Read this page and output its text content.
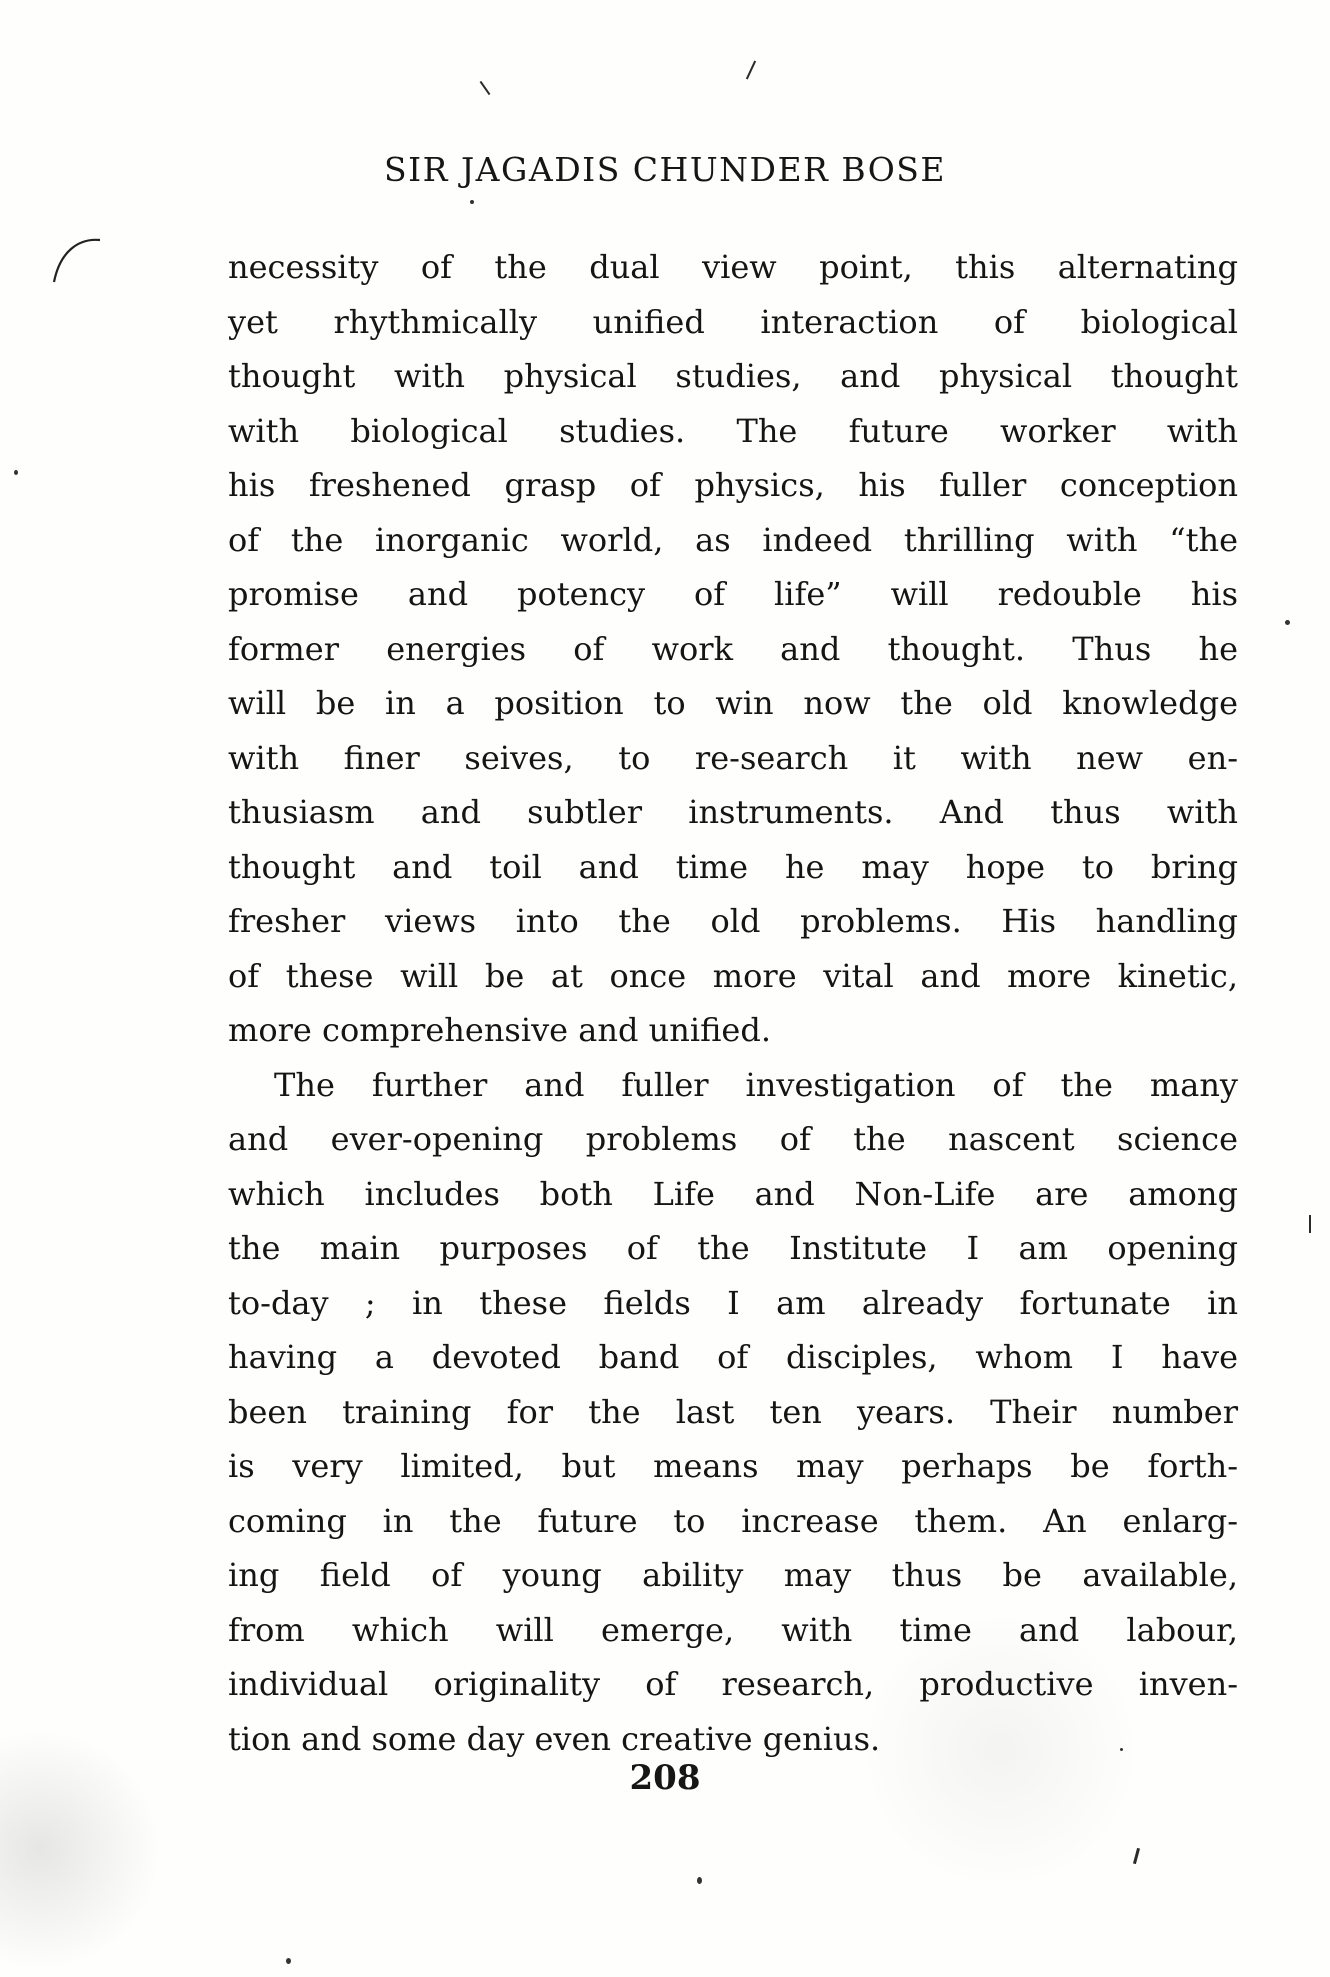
SIR JAGADIS CHUNDER BOSE
necessity of the dual view point, this alternating
yet rhythmically unified interaction of biological
thought with physical studies, and physical thought
with biological studies. The future worker with
his freshened grasp of physics, his fuller conception
of the inorganic world, as indeed thrilling with “the
promise and potency of life” will redouble his
former energies of work and thought. Thus he
will be in a position to win now the old knowledge
with finer seives, to re-search it with new en-
thusiasm and subtler instruments. And thus with
thought and toil and time he may hope to bring
fresher views into the old problems. His handling
of these will be at once more vital and more kinetic,
more comprehensive and unified.
The further and fuller investigation of the many
and ever-opening problems of the nascent science
which includes both Life and Non-Life are among
the main purposes of the Institute I am opening
to-day ; in these fields I am already fortunate in
having a devoted band of disciples, whom I have
been training for the last ten years. Their number
is very limited, but means may perhaps be forth-
coming in the future to increase them. An enlarg-
ing field of young ability may thus be available,
from which will emerge, with time and labour,
individual originality of research, productive inven-
tion and some day even creative genius.
208
